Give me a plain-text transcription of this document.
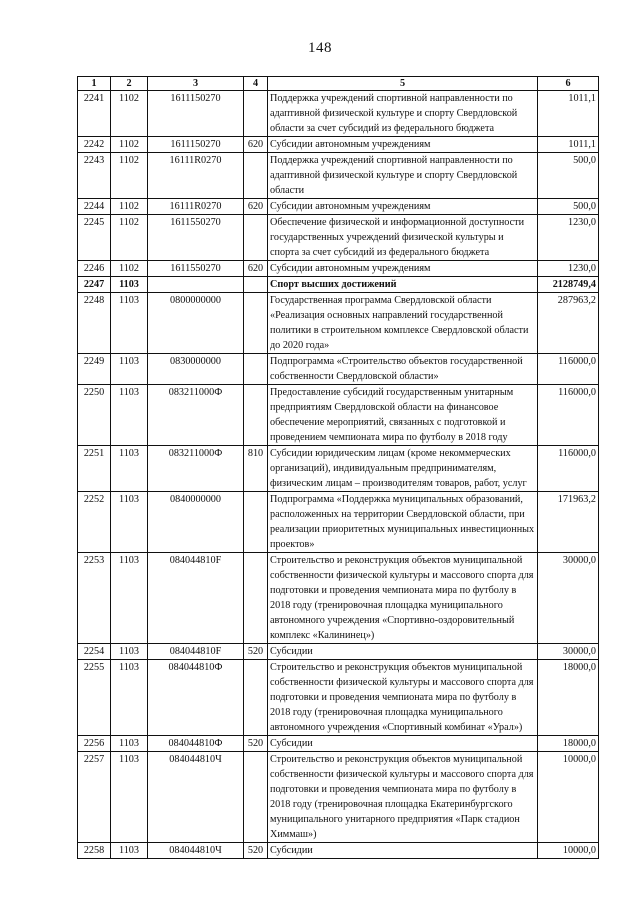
148
1	2	3	4	5	6
2241	1102	1611150270		Поддержка учреждений спортивной направленности по адаптивной физической культуре и спорту Свердловской области за счет субсидий из федерального бюджета	1011,1
2242	1102	1611150270	620	Субсидии автономным учреждениям	1011,1
2243	1102	16111R0270		Поддержка учреждений спортивной направленности по адаптивной физической культуре и спорту Свердловской области	500,0
2244	1102	16111R0270	620	Субсидии автономным учреждениям	500,0
2245	1102	1611550270		Обеспечение физической и информационной доступности государственных учреждений физической культуры и спорта за счет субсидий из федерального бюджета	1230,0
2246	1102	1611550270	620	Субсидии автономным учреждениям	1230,0
2247	1103			Спорт высших достижений	2128749,4
2248	1103	0800000000		Государственная программа Свердловской области «Реализация основных направлений государственной политики в строительном комплексе Свердловской области до 2020 года»	287963,2
2249	1103	0830000000		Подпрограмма «Строительство объектов государственной собственности Свердловской области»	116000,0
2250	1103	083211000Ф		Предоставление субсидий государственным унитарным предприятиям Свердловской области на финансовое обеспечение мероприятий, связанных с подготовкой и проведением чемпионата мира по футболу в 2018 году	116000,0
2251	1103	083211000Ф	810	Субсидии юридическим лицам (кроме некоммерческих организаций), индивидуальным предпринимателям, физическим лицам – производителям товаров, работ, услуг	116000,0
2252	1103	0840000000		Подпрограмма «Поддержка муниципальных образований, расположенных на территории Свердловской области, при реализации приоритетных муниципальных инвестиционных проектов»	171963,2
2253	1103	084044810F		Строительство и реконструкция объектов муниципальной собственности физической культуры и массового спорта для подготовки и проведения чемпионата мира по футболу в 2018 году (тренировочная площадка муниципального автономного учреждения «Спортивно-оздоровительный комплекс «Калининец»)	30000,0
2254	1103	084044810F	520	Субсидии	30000,0
2255	1103	084044810Ф		Строительство и реконструкция объектов муниципальной собственности физической культуры и массового спорта для подготовки и проведения чемпионата мира по футболу в 2018 году (тренировочная площадка муниципального автономного учреждения «Спортивный комбинат «Урал»)	18000,0
2256	1103	084044810Ф	520	Субсидии	18000,0
2257	1103	084044810Ч		Строительство и реконструкция объектов муниципальной собственности физической культуры и массового спорта для подготовки и проведения чемпионата мира по футболу в 2018 году (тренировочная площадка Екатеринбургского муниципального унитарного предприятия «Парк стадион Химмаш»)	10000,0
2258	1103	084044810Ч	520	Субсидии	10000,0
